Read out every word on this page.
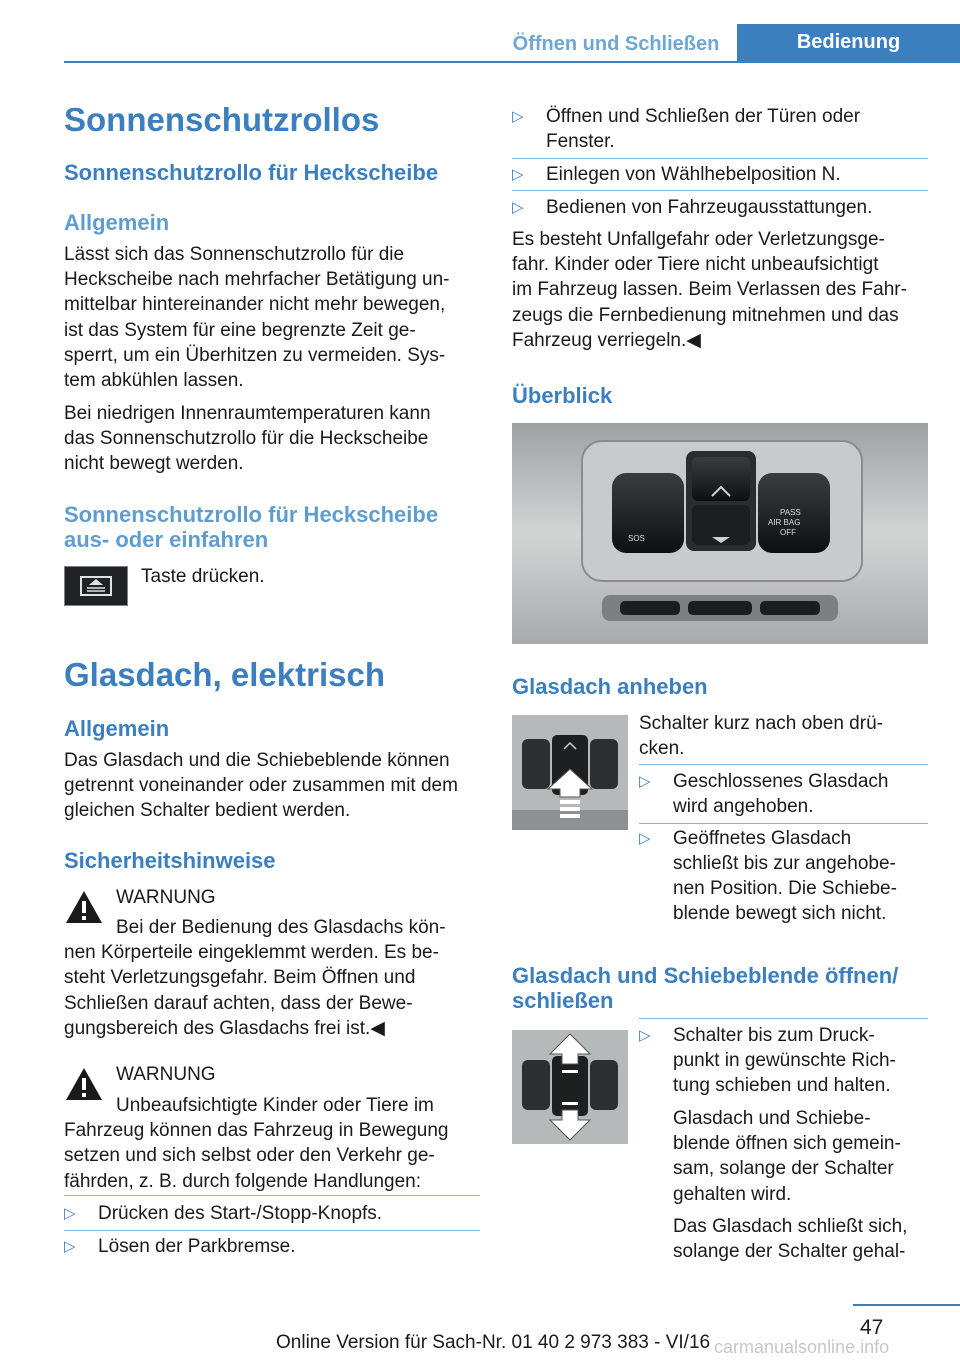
Öffnen und Schließen	Bedienung
Sonnenschutzrollos
Sonnenschutzrollo für Heckscheibe
Allgemein
Lässt sich das Sonnenschutzrollo für die
Heckscheibe nach mehrfacher Betätigung un‐
mittelbar hintereinander nicht mehr bewegen,
ist das System für eine begrenzte Zeit ge‐
sperrt, um ein Überhitzen zu vermeiden. Sys‐
tem abkühlen lassen.
Bei niedrigen Innenraumtemperaturen kann
das Sonnenschutzrollo für die Heckscheibe
nicht bewegt werden.
Sonnenschutzrollo für Heckscheibe
aus- oder einfahren
Taste drücken.
Glasdach, elektrisch
Allgemein
Das Glasdach und die Schiebeblende können
getrennt voneinander oder zusammen mit dem
gleichen Schalter bedient werden.
Sicherheitshinweise
WARNUNG
Bei der Bedienung des Glasdachs kön‐
nen Körperteile eingeklemmt werden. Es be‐
steht Verletzungsgefahr. Beim Öffnen und
Schließen darauf achten, dass der Bewe‐
gungsbereich des Glasdachs frei ist.◀
WARNUNG
Unbeaufsichtigte Kinder oder Tiere im
Fahrzeug können das Fahrzeug in Bewegung
setzen und sich selbst oder den Verkehr ge‐
fährden, z. B. durch folgende Handlungen:
▷ Drücken des Start-/Stopp-Knopfs.
▷ Lösen der Parkbremse.
▷ Öffnen und Schließen der Türen oder
Fenster.
▷ Einlegen von Wählhebelposition N.
▷ Bedienen von Fahrzeugausstattungen.
Es besteht Unfallgefahr oder Verletzungsge‐
fahr. Kinder oder Tiere nicht unbeaufsichtigt
im Fahrzeug lassen. Beim Verlassen des Fahr‐
zeugs die Fernbedienung mitnehmen und das
Fahrzeug verriegeln.◀
Überblick
SOS
PASS
AIR BAG
OFF
Glasdach anheben
Schalter kurz nach oben drü‐
cken.
▷ Geschlossenes Glasdach
wird angehoben.
▷ Geöffnetes Glasdach
schließt bis zur angehobe‐
nen Position. Die Schiebe‐
blende bewegt sich nicht.
Glasdach und Schiebeblende öffnen/
schließen
▷ Schalter bis zum Druck‐
punkt in gewünschte Rich‐
tung schieben und halten.
Glasdach und Schiebe‐
blende öffnen sich gemein‐
sam, solange der Schalter
gehalten wird.
Das Glasdach schließt sich,
solange der Schalter gehal‐
47
Online Version für Sach-Nr. 01 40 2 973 383 - VI/16 carmanualsonline.info
